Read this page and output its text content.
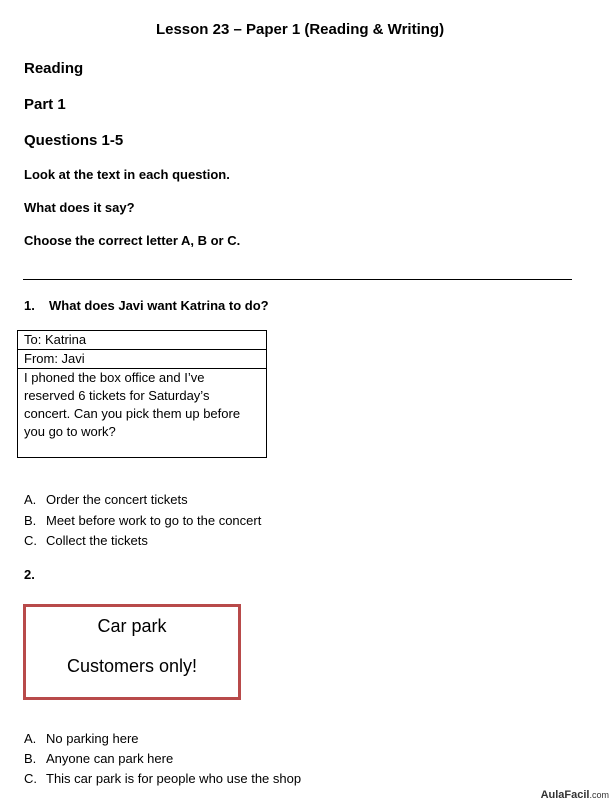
Lesson 23 – Paper 1 (Reading & Writing)
Reading
Part 1
Questions 1-5
Look at the text in each question.
What does it say?
Choose the correct letter A, B or C.
1. What does Javi want Katrina to do?
To: Katrina
From: Javi
I phoned the box office and I’ve
reserved 6 tickets for Saturday’s
concert. Can you pick them up before
you go to work?
A. Order the concert tickets
B. Meet before work to go to the concert
C. Collect the tickets
2.
Car park
Customers only!
A. No parking here
B. Anyone can park here
C. This car park is for people who use the shop
AulaFacil.com
